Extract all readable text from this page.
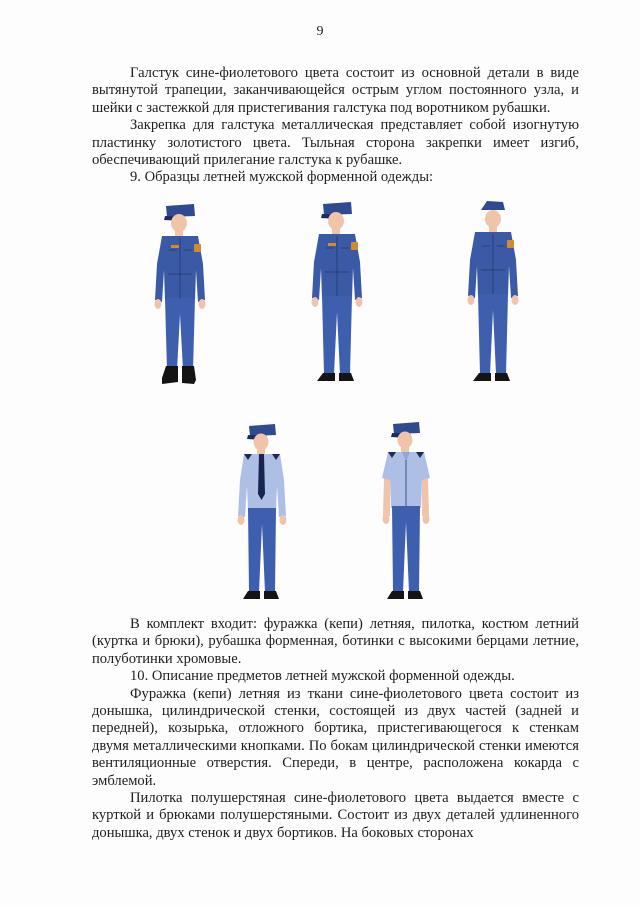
9

Галстук сине-фиолетового цвета состоит из основной детали в виде вытянутой трапеции, заканчивающейся острым углом постоянного узла, и шейки с застежкой для пристегивания галстука под воротником рубашки.

Закрепка для галстука металлическая представляет собой изогнутую пластинку золотистого цвета. Тыльная сторона закрепки имеет изгиб, обеспечивающий прилегание галстука к рубашке.

9. Образцы летней мужской форменной одежды:

В комплект входит: фуражка (кепи) летняя, пилотка, костюм летний (куртка и брюки), рубашка форменная, ботинки с высокими берцами летние, полуботинки хромовые.

10. Описание предметов летней мужской форменной одежды.

Фуражка (кепи) летняя из ткани сине-фиолетового цвета состоит из донышка, цилиндрической стенки, состоящей из двух частей (задней и передней), козырька, отложного бортика, пристегивающегося к стенкам двумя металлическими кнопками. По бокам цилиндрической стенки имеются вентиляционные отверстия. Спереди, в центре, расположена кокарда с эмблемой.

Пилотка полушерстяная сине-фиолетового цвета выдается вместе с курткой и брюками полушерстяными. Состоит из двух деталей удлиненного донышка, двух стенок и двух бортиков. На боковых сторонах
